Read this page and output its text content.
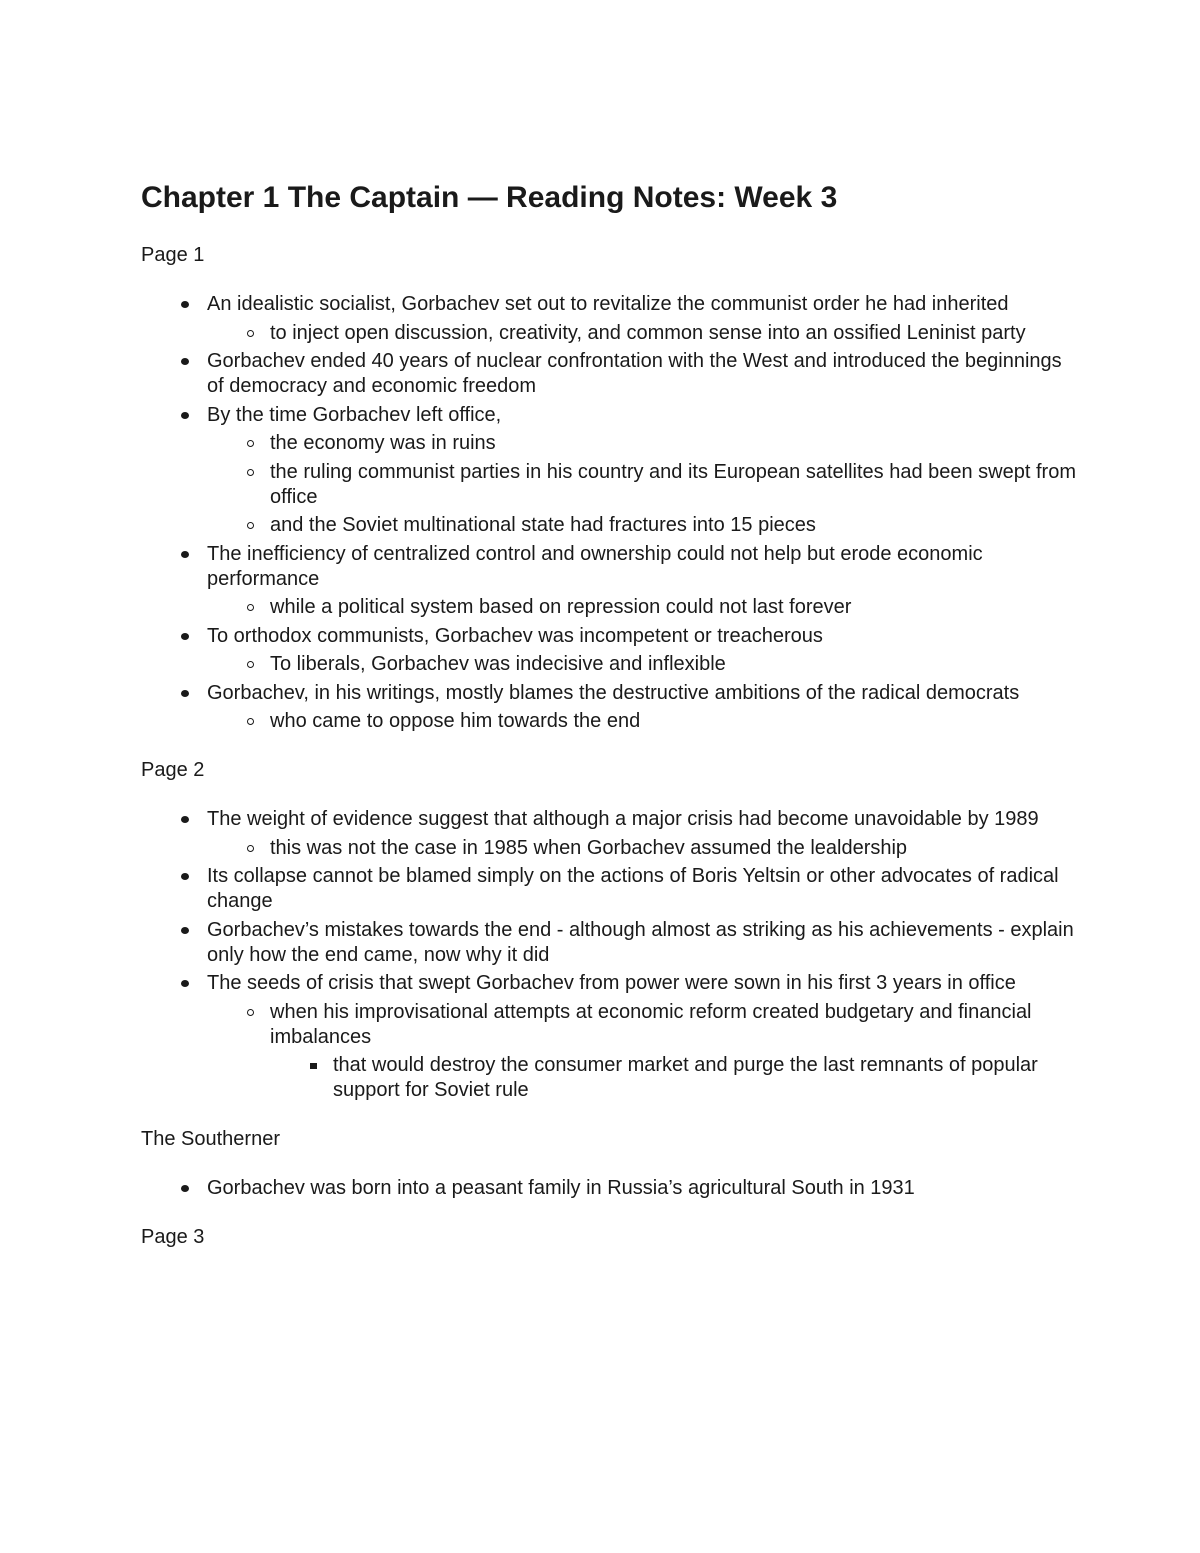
Chapter 1 The Captain — Reading Notes: Week 3
Page 1
An idealistic socialist, Gorbachev set out to revitalize the communist order he had inherited
to inject open discussion, creativity, and common sense into an ossified Leninist party
Gorbachev ended 40 years of nuclear confrontation with the West and introduced the beginnings of democracy and economic freedom
By the time Gorbachev left office,
the economy was in ruins
the ruling communist parties in his country and its European satellites had been swept from office
and the Soviet multinational state had fractures into 15 pieces
The inefficiency of centralized control and ownership could not help but erode economic performance
while a political system based on repression could not last forever
To orthodox communists, Gorbachev was incompetent or treacherous
To liberals, Gorbachev was indecisive and inflexible
Gorbachev, in his writings, mostly blames the destructive ambitions of the radical democrats
who came to oppose him towards the end
Page 2
The weight of evidence suggest that although a major crisis had become unavoidable by 1989
this was not the case in 1985 when Gorbachev assumed the lealdership
Its collapse cannot be blamed simply on the actions of Boris Yeltsin or other advocates of radical change
Gorbachev’s mistakes towards the end - although almost as striking as his achievements - explain only how the end came, now why it did
The seeds of crisis that swept Gorbachev from power were sown in his first 3 years in office
when his improvisational attempts at economic reform created budgetary and financial imbalances
that would destroy the consumer market and purge the last remnants of popular support for Soviet rule
The Southerner
Gorbachev was born into a peasant family in Russia’s agricultural South in 1931
Page 3
